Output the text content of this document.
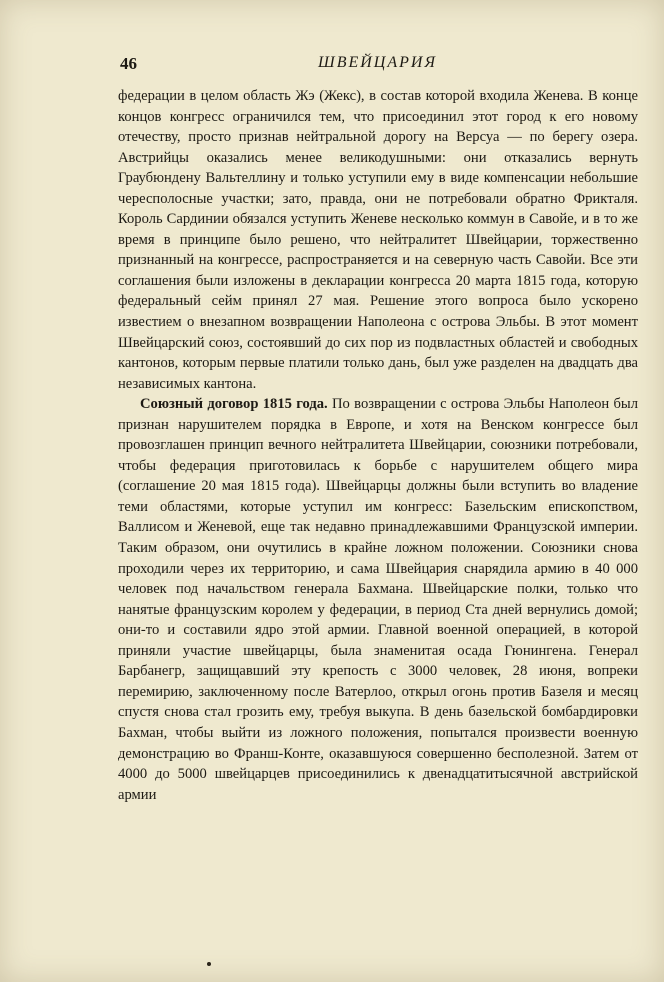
46	ШВЕЙЦАРИЯ

федерации в целом область Жэ (Жекс), в состав которой входила Женева. В конце концов конгресс ограничился тем, что присоединил этот город к его новому отечеству, просто признав нейтральной дорогу на Версуа — по берегу озера. Австрийцы оказались менее великодушными: они отказались вернуть Граубюндену Вальтеллину и только уступили ему в виде компенсации небольшие чересполосные участки; зато, правда, они не потребовали обратно Фрикталя. Король Сардинии обязался уступить Женеве несколько коммун в Савойе, и в то же время в принципе было решено, что нейтралитет Швейцарии, торжественно признанный на конгрессе, распространяется и на северную часть Савойи. Все эти соглашения были изложены в декларации конгресса 20 марта 1815 года, которую федеральный сейм принял 27 мая. Решение этого вопроса было ускорено известием о внезапном возвращении Наполеона с острова Эльбы. В этот момент Швейцарский союз, состоявший до сих пор из подвластных областей и свободных кантонов, которым первые платили только дань, был уже разделен на двадцать два независимых кантона.

Союзный договор 1815 года. По возвращении с острова Эльбы Наполеон был признан нарушителем порядка в Европе, и хотя на Венском конгрессе был провозглашен принцип вечного нейтралитета Швейцарии, союзники потребовали, чтобы федерация приготовилась к борьбе с нарушителем общего мира (соглашение 20 мая 1815 года). Швейцарцы должны были вступить во владение теми областями, которые уступил им конгресс: Базельским епископством, Валлисом и Женевой, еще так недавно принадлежавшими Французской империи. Таким образом, они очутились в крайне ложном положении. Союзники снова проходили через их территорию, и сама Швейцария снарядила армию в 40 000 человек под начальством генерала Бахмана. Швейцарские полки, только что нанятые французским королем у федерации, в период Ста дней вернулись домой; они-то и составили ядро этой армии. Главной военной операцией, в которой приняли участие швейцарцы, была знаменитая осада Гюнингена. Генерал Барбанегр, защищавший эту крепость с 3000 человек, 28 июня, вопреки перемирию, заключенному после Ватерлоо, открыл огонь против Базеля и месяц спустя снова стал грозить ему, требуя выкупа. В день базельской бомбардировки Бахман, чтобы выйти из ложного положения, попытался произвести военную демонстрацию во Франш-Конте, оказавшуюся совершенно бесполезной. Затем от 4000 до 5000 швейцарцев присоединились к двенадцатитысячной австрийской армии
